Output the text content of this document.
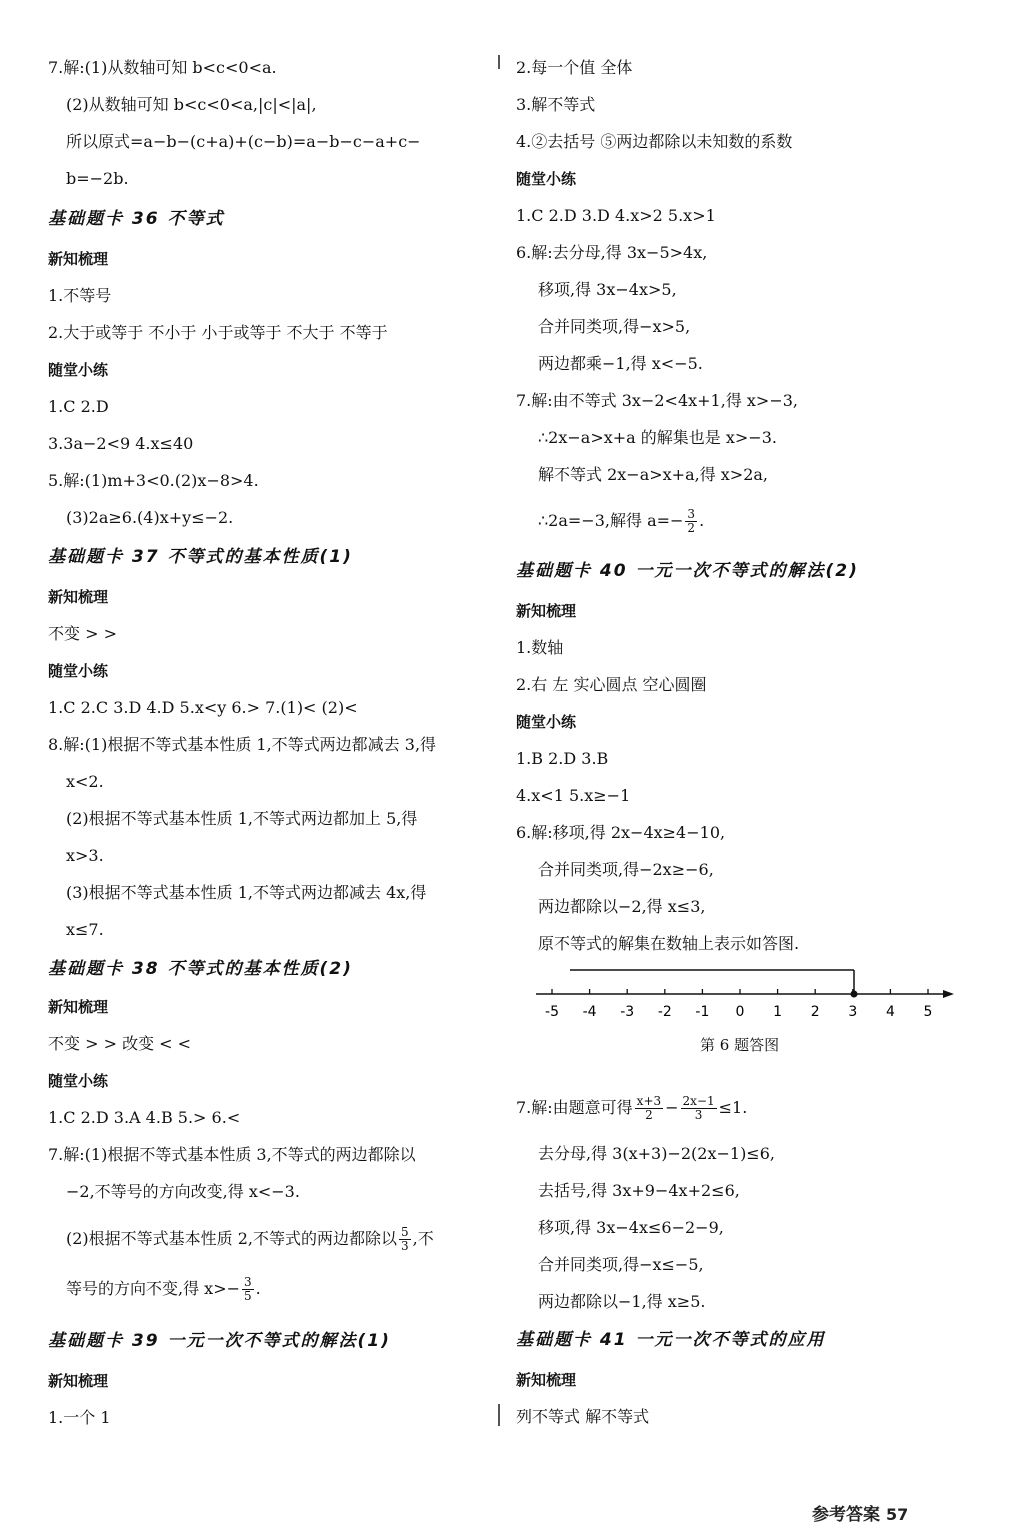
7.解:(1)从数轴可知 b<c<0<a.
(2)从数轴可知 b<c<0<a,|c|<|a|,
所以原式=a−b−(c+a)+(c−b)=a−b−c−a+c−
b=−2b.
基础题卡 36 不等式
新知梳理
1.不等号
2.大于或等于 不小于 小于或等于 不大于 不等于
随堂小练
1.C 2.D
3.3a−2<9 4.x≤40
5.解:(1)m+3<0.(2)x−8>4.
(3)2a≥6.(4)x+y≤−2.
基础题卡 37 不等式的基本性质(1)
新知梳理
不变 > >
随堂小练
1.C 2.C 3.D 4.D 5.x<y 6.> 7.(1)< (2)<
8.解:(1)根据不等式基本性质 1,不等式两边都减去 3,得
x<2.
(2)根据不等式基本性质 1,不等式两边都加上 5,得
x>3.
(3)根据不等式基本性质 1,不等式两边都减去 4x,得
x≤7.
基础题卡 38 不等式的基本性质(2)
新知梳理
不变 > > 改变 < <
随堂小练
1.C 2.D 3.A 4.B 5.> 6.<
7.解:(1)根据不等式基本性质 3,不等式的两边都除以
−2,不等号的方向改变,得 x<−3.
(2)根据不等式基本性质 2,不等式的两边都除以 $\frac{5}{3}$ ,不
等号的方向不变,得 $x>- \frac{3}{5}$ .
基础题卡 39 一元一次不等式的解法(1)
新知梳理
1.一个 1
2.每一个值 全体
3.解不等式
4.②去括号 ⑤两边都除以未知数的系数
随堂小练
1.C 2.D 3.D 4.x>2 5.x>1
6.解:去分母,得 3x−5>4x,
移项,得 3x−4x>5,
合并同类项,得−x>5,
两边都乘−1,得 x<−5.
7.解:由不等式 3x−2<4x+1,得 x>−3,
∴2x−a>x+a 的解集也是 x>−3.
解不等式 2x−a>x+a,得 x>2a,
∴2a=−3,解得 $a=- \frac{3}{2}$ .
基础题卡 40 一元一次不等式的解法(2)
新知梳理
1.数轴
2.右 左 实心圆点 空心圆圈
随堂小练
1.B 2.D 3.B
4.x<1 5.x≥−1
6.解:移项,得 2x−4x≥4−10,
合并同类项,得−2x≥−6,
两边都除以−2,得 x≤3,
原不等式的解集在数轴上表示如答图.
-5 -4 -3 -2 -1 0 1 2 3 4 5
第 6 题答图
7.解:由题意可得 $\frac{x+3}{2} - \frac{2x-1}{3} \le 1$.
去分母,得 3(x+3)−2(2x−1)≤6,
去括号,得 3x+9−4x+2≤6,
移项,得 3x−4x≤6−2−9,
合并同类项,得−x≤−5,
两边都除以−1,得 x≥5.
基础题卡 41 一元一次不等式的应用
新知梳理
列不等式 解不等式
参考答案 57
